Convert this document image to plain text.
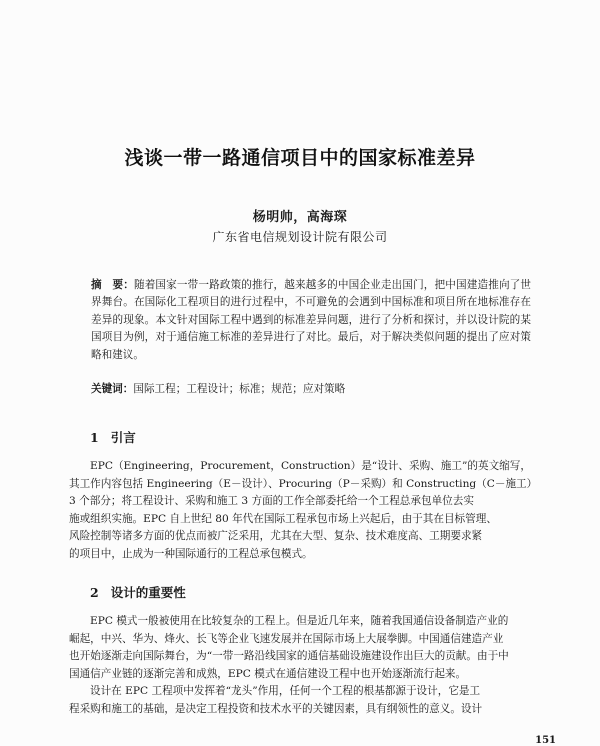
浅谈一带一路通信项目中的国家标准差异
杨明帅，高海琛
广东省电信规划设计院有限公司
摘　要：随着国家一带一路政策的推行，越来越多的中国企业走出国门，把中国建造推向了世界舞台。在国际化工程项目的进行过程中，不可避免的会遇到中国标准和项目所在地标准存在差异的现象。本文针对国际工程中遇到的标准差异问题，进行了分析和探讨，并以设计院的某国项目为例，对于通信施工标准的差异进行了对比。最后，对于解决类似问题的提出了应对策略和建议。
关键词：国际工程；工程设计；标准；规范；应对策略
1 引言
EPC（Engineering，Procurement，Construction）是“设计、采购、施工”的英文缩写，
其工作内容包括 Engineering（E－设计）、Procuring（P－采购）和 Constructing（C－施工）
3 个部分；将工程设计、采购和施工 3 方面的工作全部委托给一个工程总承包单位去实
施或组织实施。EPC 自上世纪 80 年代在国际工程承包市场上兴起后，由于其在目标管理、
风险控制等诸多方面的优点而被广泛采用，尤其在大型、复杂、技术难度高、工期要求紧
的项目中，止成为一种国际通行的工程总承包模式。
2 设计的重要性
EPC 模式一般被使用在比较复杂的工程上。但是近几年来，随着我国通信设备制造产业的
崛起，中兴、华为、烽火、长飞等企业飞速发展并在国际市场上大展拳脚。中国通信建造产业
也开始逐渐走向国际舞台，为“一带一路沿线国家的通信基础设施建设作出巨大的贡献。由于中
国通信产业链的逐渐完善和成熟，EPC 模式在通信建设工程中也开始逐渐流行起来。
设计在 EPC 工程项中发挥着“龙头”作用，任何一个工程的根基都源于设计，它是工
程采购和施工的基础，是决定工程投资和技术水平的关键因素，具有纲领性的意义。设计
151
